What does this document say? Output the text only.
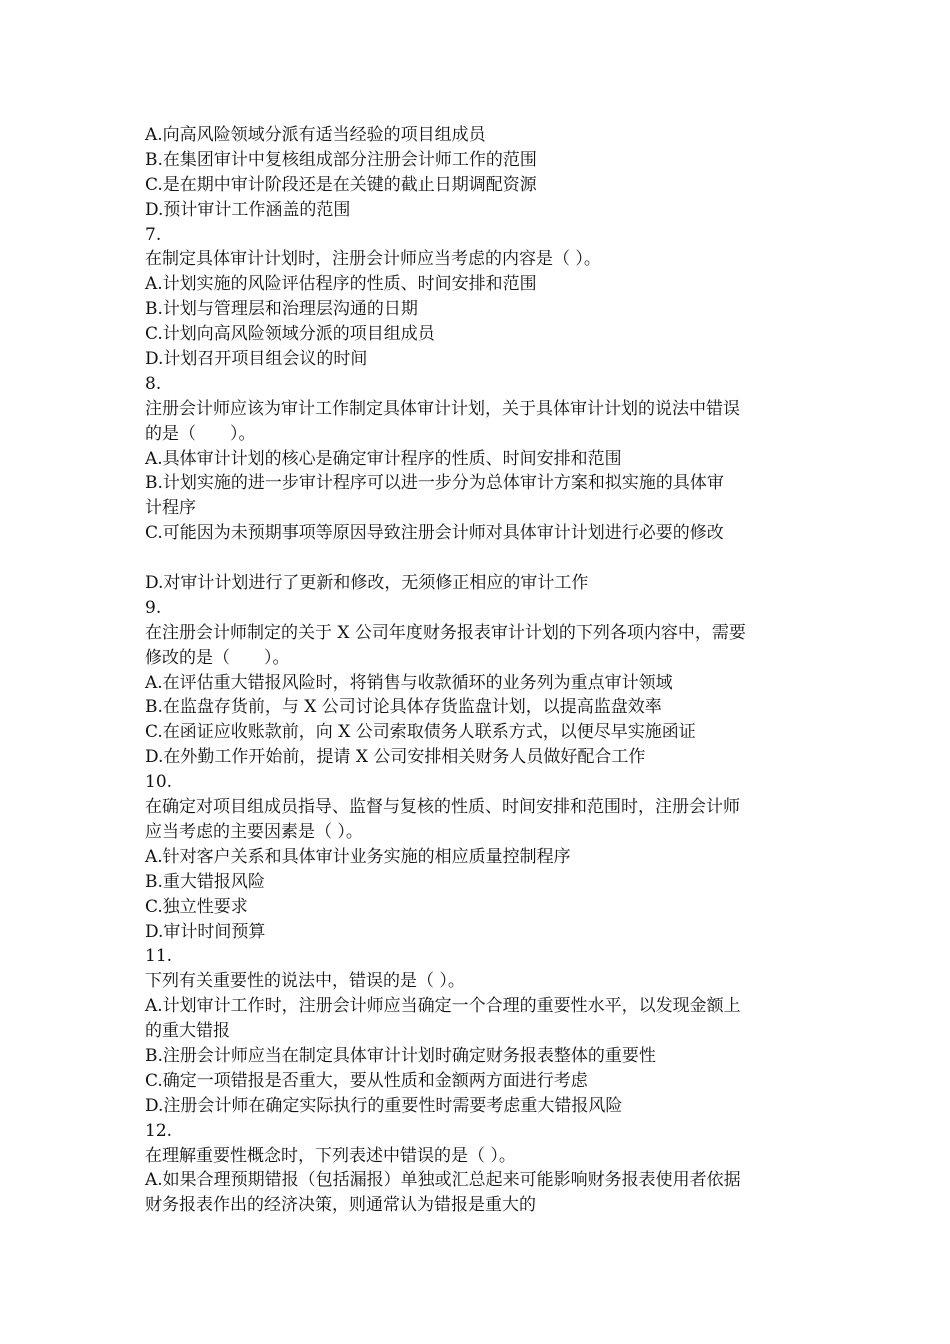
A.向高风险领域分派有适当经验的项目组成员
B.在集团审计中复核组成部分注册会计师工作的范围
C.是在期中审计阶段还是在关键的截止日期调配资源
D.预计审计工作涵盖的范围
7.
在制定具体审计计划时，注册会计师应当考虑的内容是（ ）。
A.计划实施的风险评估程序的性质、时间安排和范围
B.计划与管理层和治理层沟通的日期
C.计划向高风险领域分派的项目组成员
D.计划召开项目组会议的时间
8.
注册会计师应该为审计工作制定具体审计计划，关于具体审计计划的说法中错误
的是（　　）。
A.具体审计计划的核心是确定审计程序的性质、时间安排和范围
B.计划实施的进一步审计程序可以进一步分为总体审计方案和拟实施的具体审
计程序
C.可能因为未预期事项等原因导致注册会计师对具体审计计划进行必要的修改
D.对审计计划进行了更新和修改，无须修正相应的审计工作
9.
在注册会计师制定的关于 X 公司年度财务报表审计计划的下列各项内容中，需要
修改的是（　　）。
A.在评估重大错报风险时，将销售与收款循环的业务列为重点审计领域
B.在监盘存货前，与 X 公司讨论具体存货监盘计划，以提高监盘效率
C.在函证应收账款前，向 X 公司索取债务人联系方式，以便尽早实施函证
D.在外勤工作开始前，提请 X 公司安排相关财务人员做好配合工作
10.
在确定对项目组成员指导、监督与复核的性质、时间安排和范围时，注册会计师
应当考虑的主要因素是（ ）。
A.针对客户关系和具体审计业务实施的相应质量控制程序
B.重大错报风险
C.独立性要求
D.审计时间预算
11.
下列有关重要性的说法中，错误的是（ ）。
A.计划审计工作时，注册会计师应当确定一个合理的重要性水平，以发现金额上
的重大错报
B.注册会计师应当在制定具体审计计划时确定财务报表整体的重要性
C.确定一项错报是否重大，要从性质和金额两方面进行考虑
D.注册会计师在确定实际执行的重要性时需要考虑重大错报风险
12.
在理解重要性概念时，下列表述中错误的是（ ）。
A.如果合理预期错报（包括漏报）单独或汇总起来可能影响财务报表使用者依据
财务报表作出的经济决策，则通常认为错报是重大的
